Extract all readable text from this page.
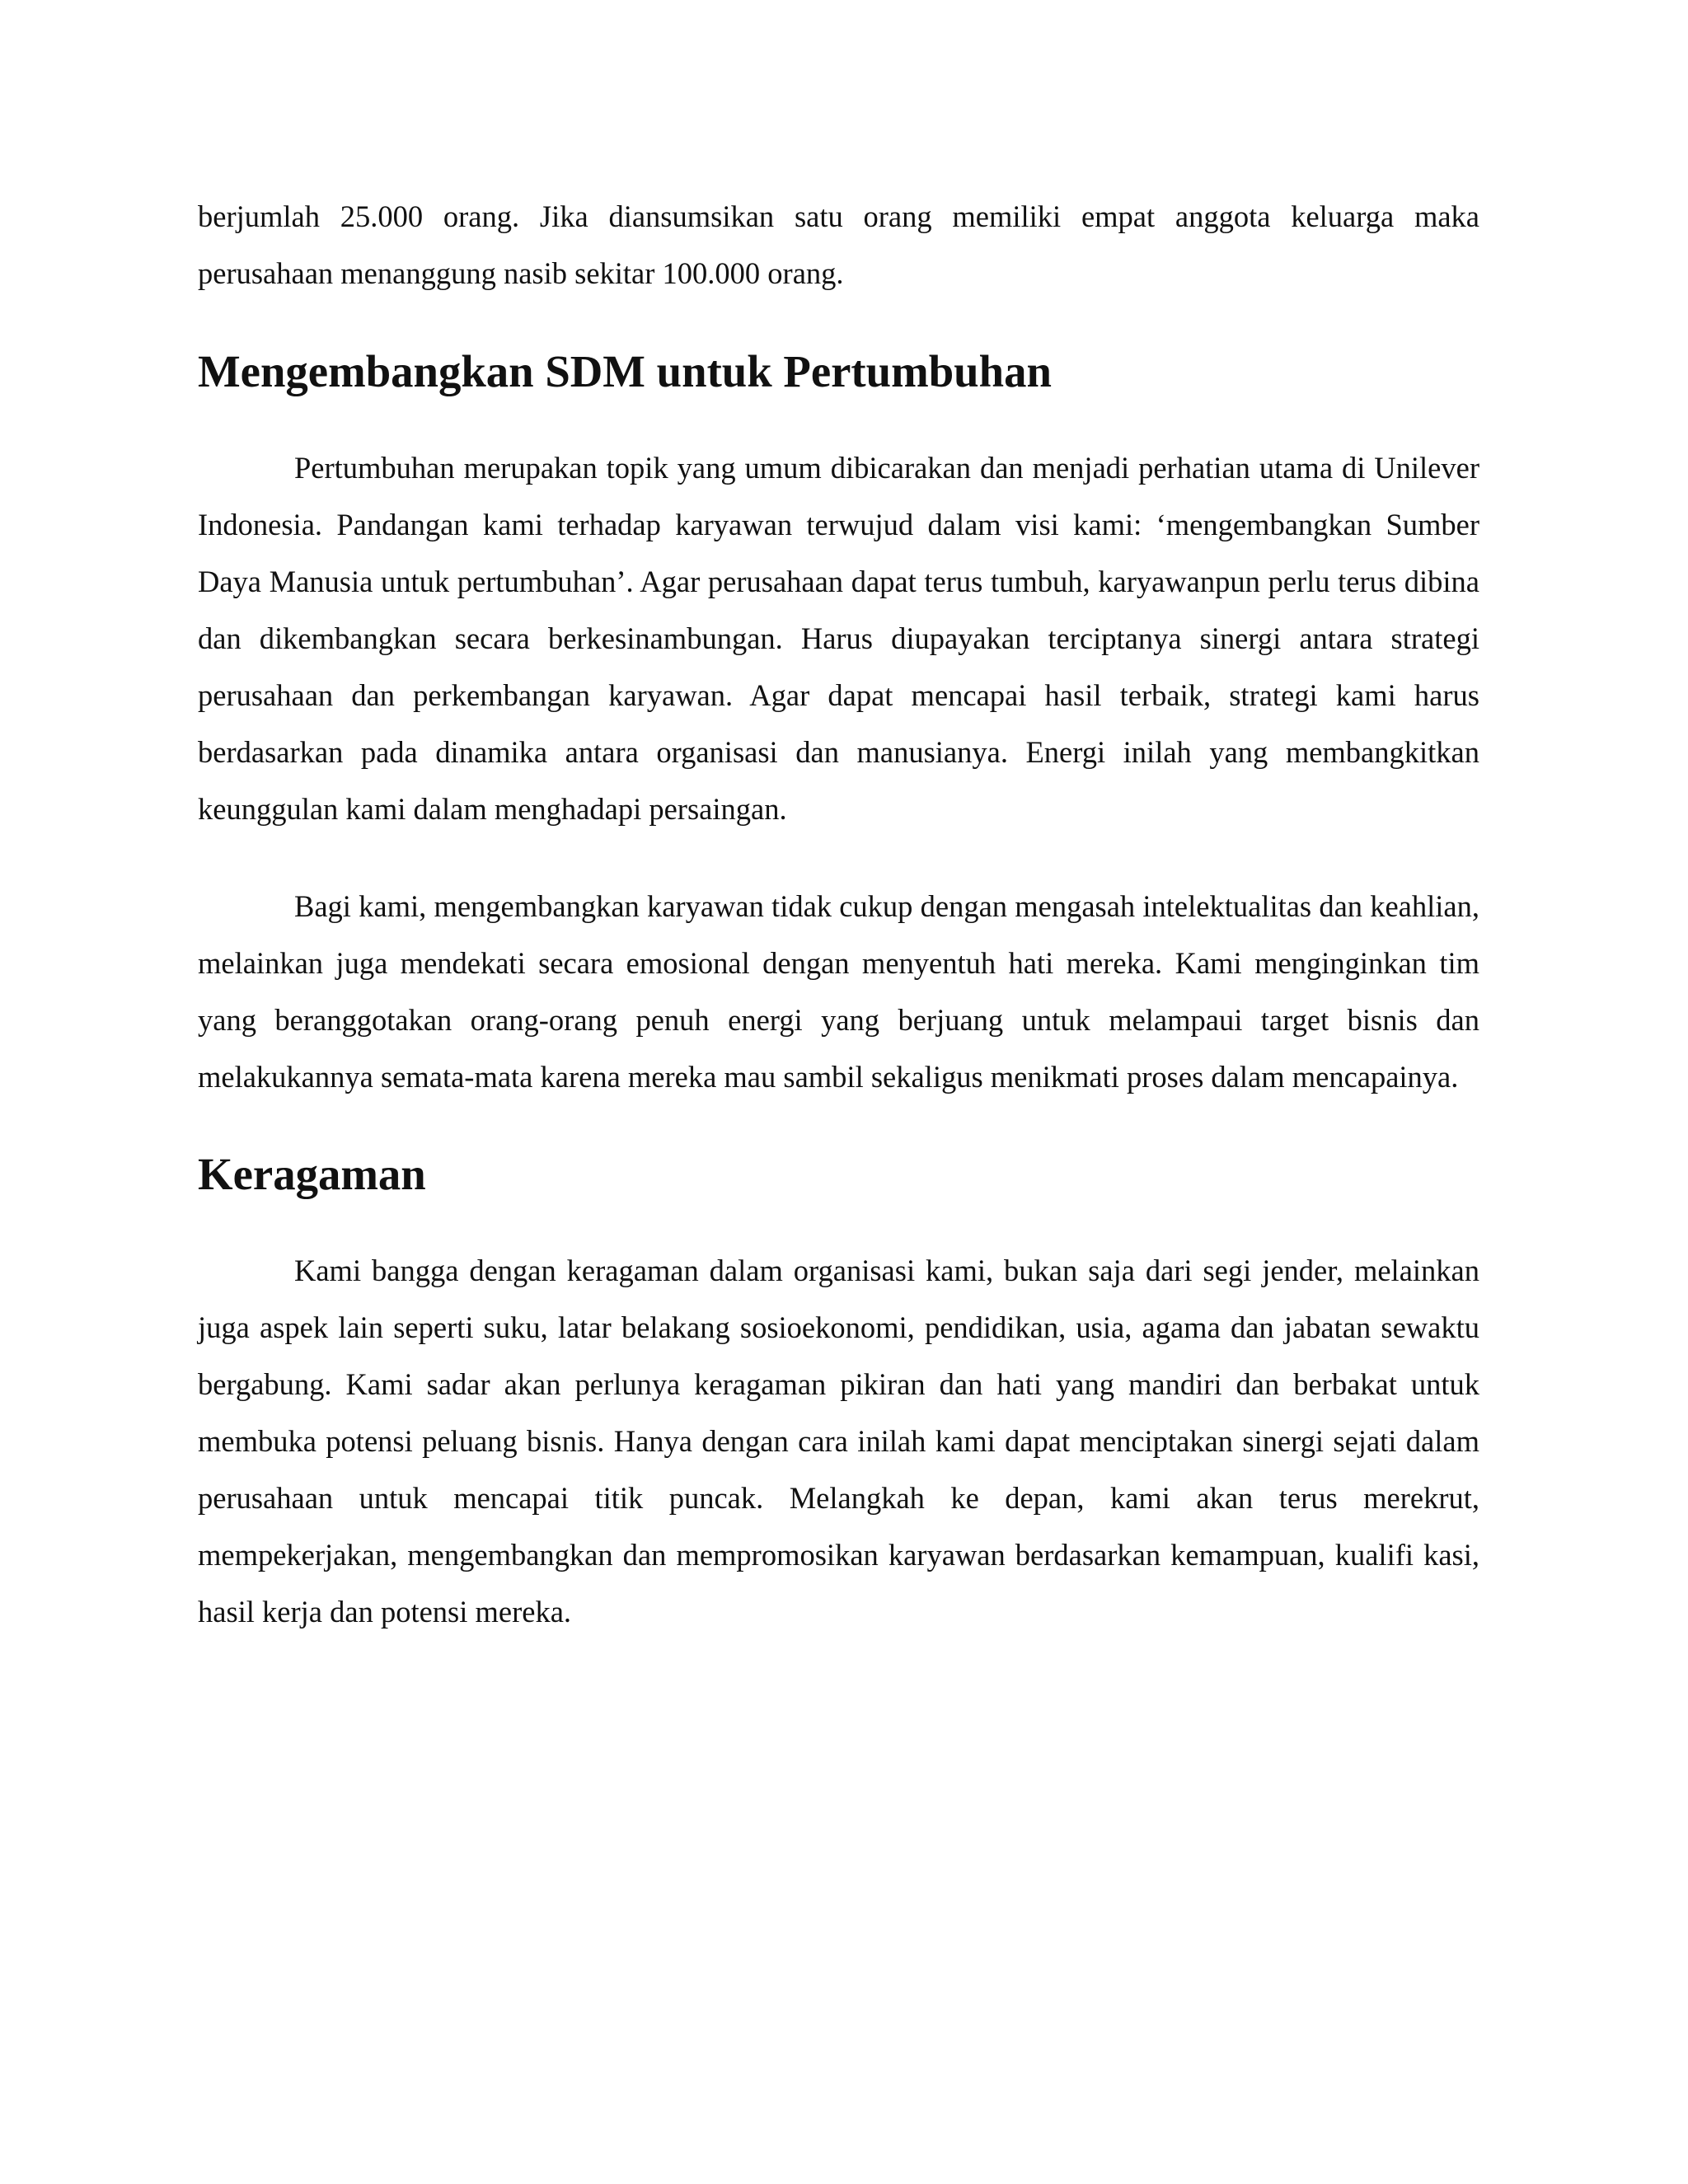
berjumlah 25.000 orang. Jika diansumsikan satu orang memiliki empat anggota keluarga maka perusahaan menanggung nasib sekitar 100.000 orang.

Mengembangkan SDM untuk Pertumbuhan

Pertumbuhan merupakan topik yang umum dibicarakan dan menjadi perhatian utama di Unilever Indonesia. Pandangan kami terhadap karyawan terwujud dalam visi kami: ‘mengembangkan Sumber Daya Manusia untuk pertumbuhan’. Agar perusahaan dapat terus tumbuh, karyawanpun perlu terus dibina dan dikembangkan secara berkesinambungan. Harus diupayakan terciptanya sinergi antara strategi perusahaan dan perkembangan karyawan. Agar dapat mencapai hasil terbaik, strategi kami harus berdasarkan pada dinamika antara organisasi dan manusianya. Energi inilah yang membangkitkan keunggulan kami dalam menghadapi persaingan.

Bagi kami, mengembangkan karyawan tidak cukup dengan mengasah intelektualitas dan keahlian, melainkan juga mendekati secara emosional dengan menyentuh hati mereka. Kami menginginkan tim yang beranggotakan orang-orang penuh energi yang berjuang untuk melampaui target bisnis dan melakukannya semata-mata karena mereka mau sambil sekaligus menikmati proses dalam mencapainya.

Keragaman

Kami bangga dengan keragaman dalam organisasi kami, bukan saja dari segi jender, melainkan juga aspek lain seperti suku, latar belakang sosioekonomi, pendidikan, usia, agama dan jabatan sewaktu bergabung. Kami sadar akan perlunya keragaman pikiran dan hati yang mandiri dan berbakat untuk membuka potensi peluang bisnis. Hanya dengan cara inilah kami dapat menciptakan sinergi sejati dalam perusahaan untuk mencapai titik puncak. Melangkah ke depan, kami akan terus merekrut, mempekerjakan, mengembangkan dan mempromosikan karyawan berdasarkan kemampuan, kualifi kasi, hasil kerja dan potensi mereka.
